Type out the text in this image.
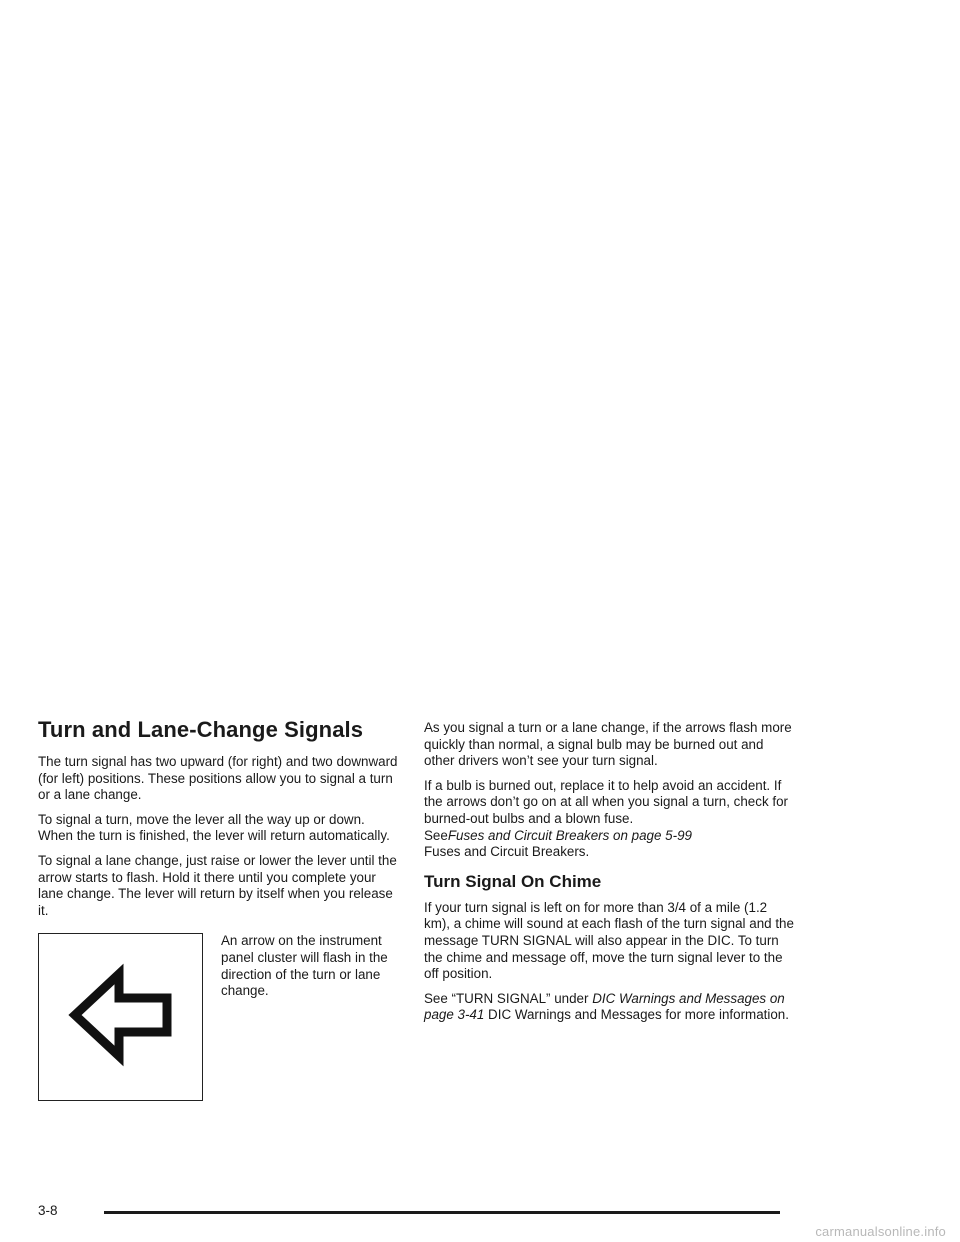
Turn and Lane-Change Signals

The turn signal has two upward (for right) and two downward (for left) positions. These positions allow you to signal a turn or a lane change.

To signal a turn, move the lever all the way up or down. When the turn is finished, the lever will return automatically.

To signal a lane change, just raise or lower the lever until the arrow starts to flash. Hold it there until you complete your lane change. The lever will return by itself when you release it.

An arrow on the instrument panel cluster will flash in the direction of the turn or lane change.

As you signal a turn or a lane change, if the arrows flash more quickly than normal, a signal bulb may be burned out and other drivers won’t see your turn signal.

If a bulb is burned out, replace it to help avoid an accident. If the arrows don’t go on at all when you signal a turn, check for burned-out bulbs and a blown fuse.
SeeFuses and Circuit Breakers on page 5-99
Fuses and Circuit Breakers.

Turn Signal On Chime

If your turn signal is left on for more than 3/4 of a mile (1.2 km), a chime will sound at each flash of the turn signal and the message TURN SIGNAL will also appear in the DIC. To turn the chime and message off, move the turn signal lever to the off position.

See “TURN SIGNAL” under DIC Warnings and Messages on page 3-41 DIC Warnings and Messages for more information.

3-8
carmanualsonline.info
